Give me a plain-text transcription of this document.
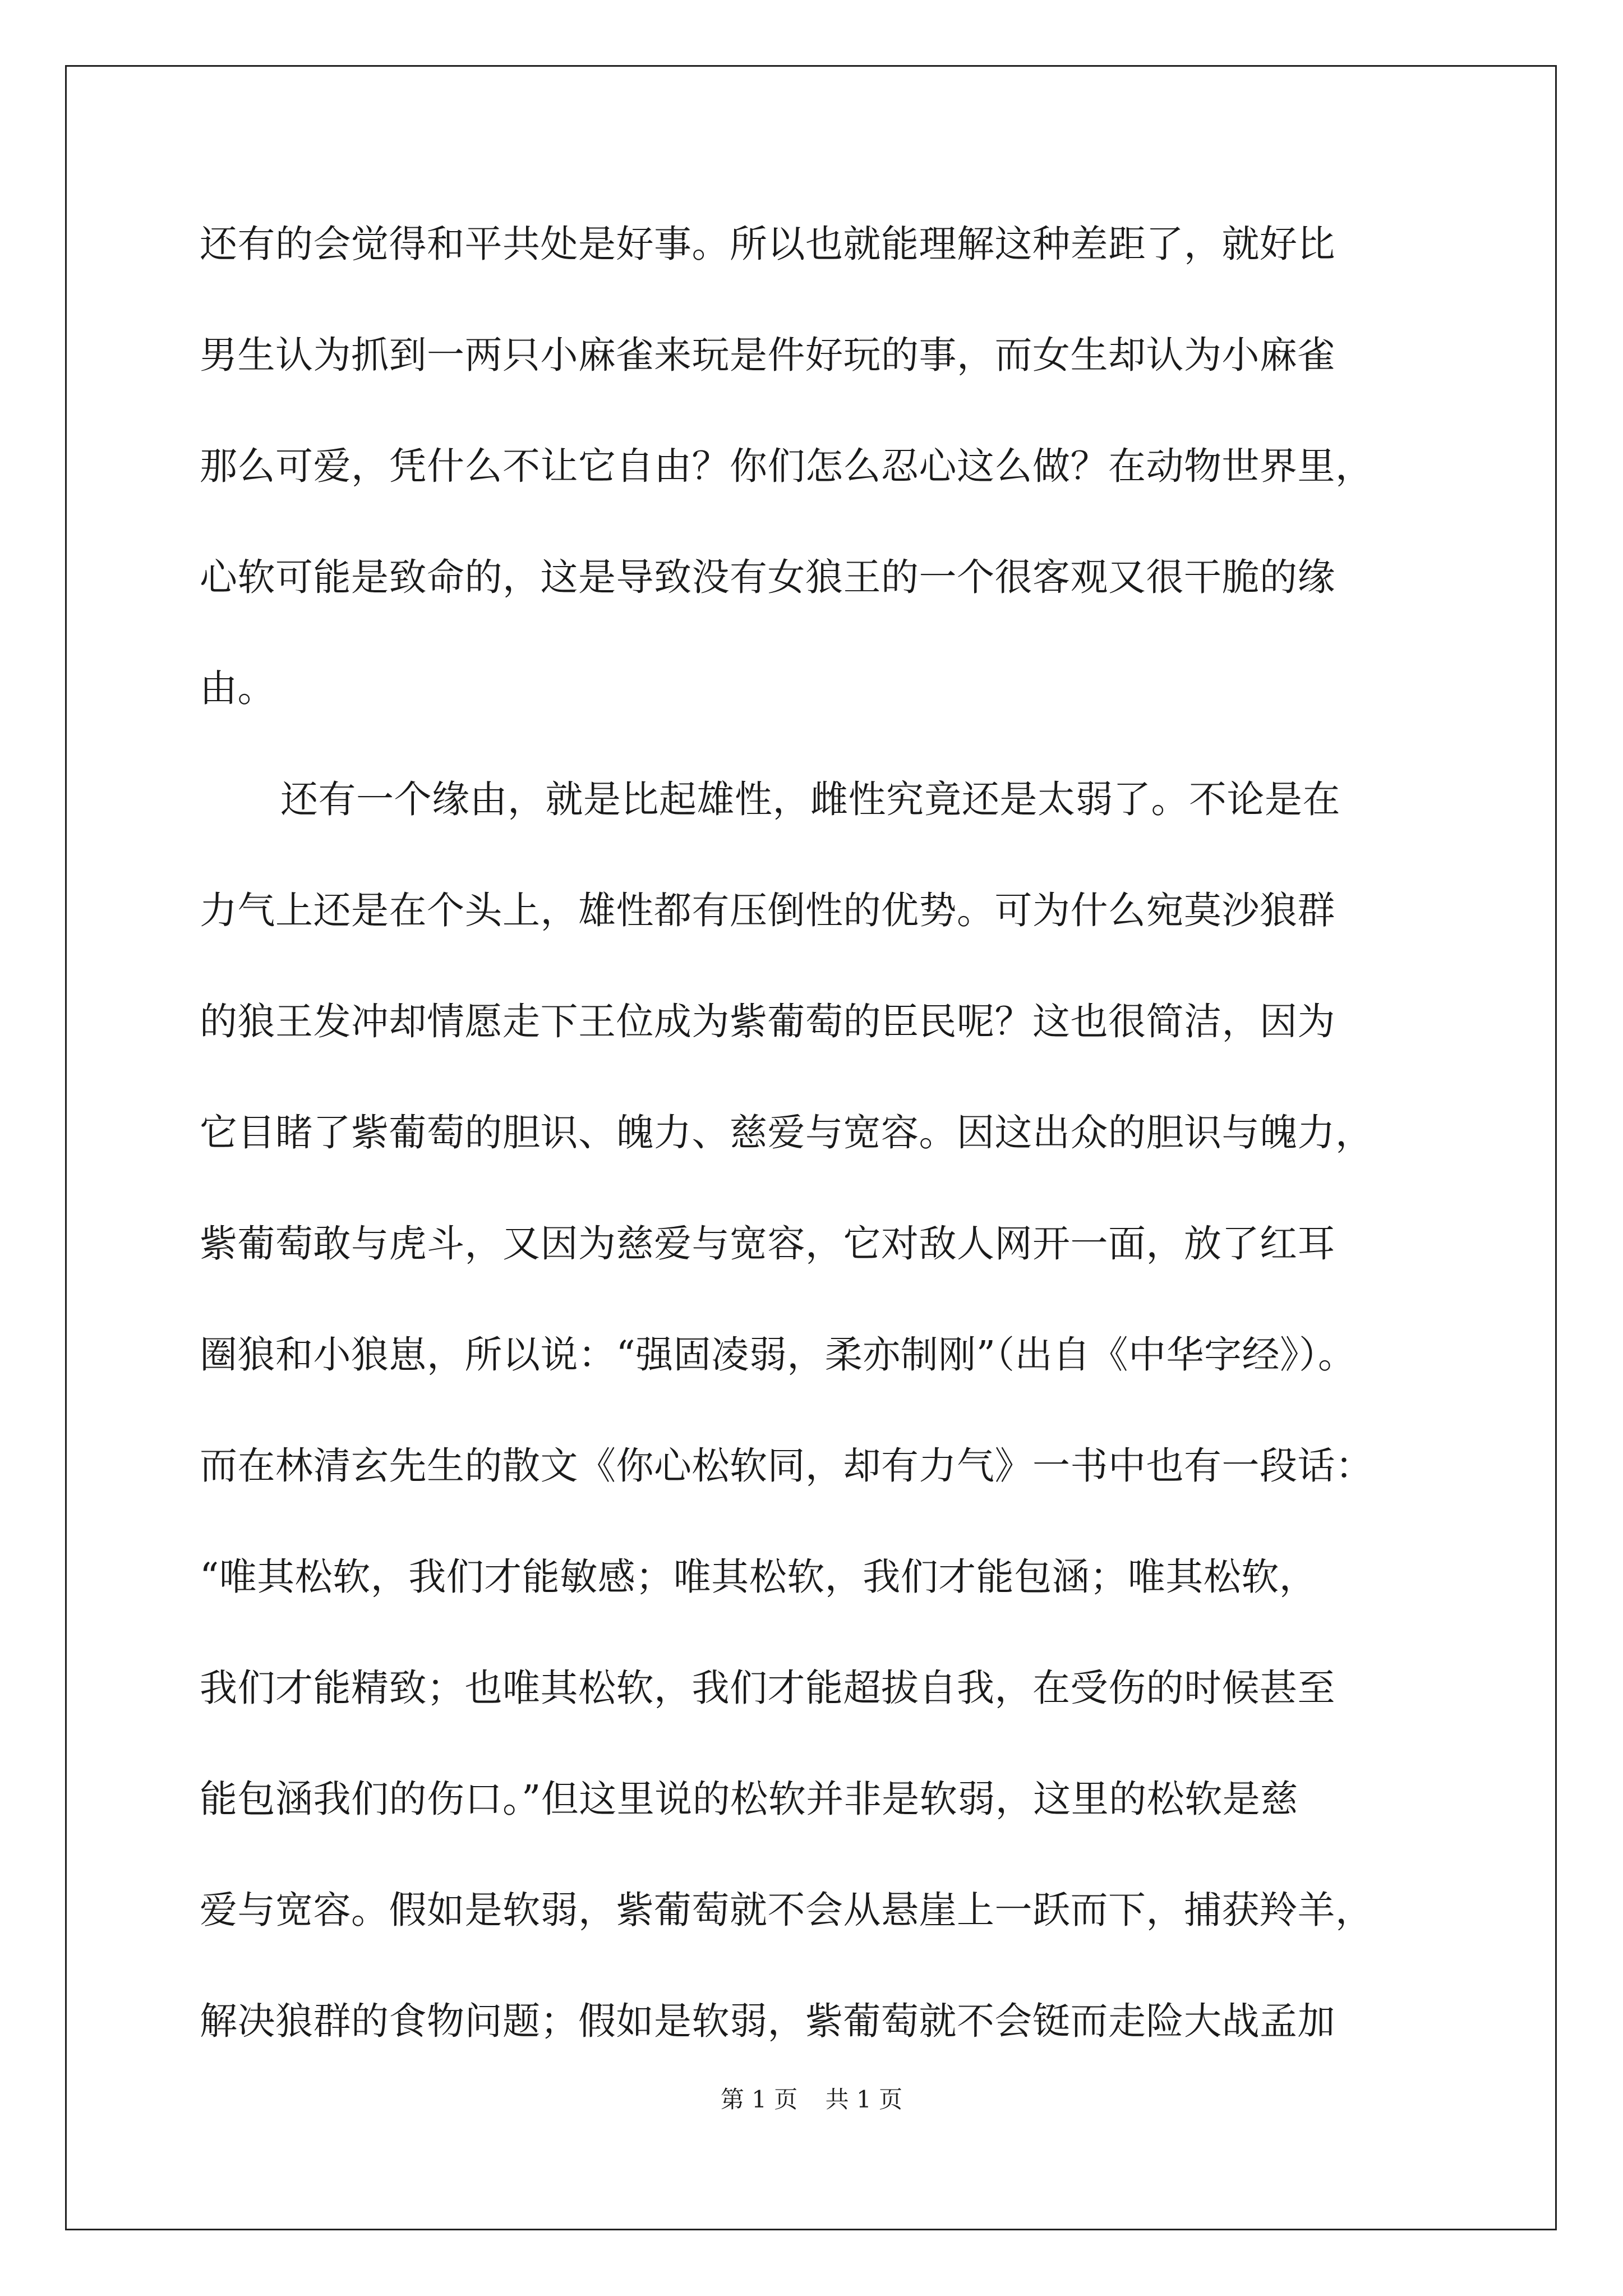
还有的会觉得和平共处是好事。所以也就能理解这种差距了，就好比
男生认为抓到一两只小麻雀来玩是件好玩的事，而女生却认为小麻雀
那么可爱，凭什么不让它自由？你们怎么忍心这么做？在动物世界里，
心软可能是致命的，这是导致没有女狼王的一个很客观又很干脆的缘
由。
还有一个缘由，就是比起雄性，雌性究竟还是太弱了。不论是在
力气上还是在个头上，雄性都有压倒性的优势。可为什么宛莫沙狼群
的狼王发冲却情愿走下王位成为紫葡萄的臣民呢？这也很简洁，因为
它目睹了紫葡萄的胆识、魄力、慈爱与宽容。因这出众的胆识与魄力，
紫葡萄敢与虎斗，又因为慈爱与宽容，它对敌人网开一面，放了红耳
圈狼和小狼崽，所以说：“强固凌弱，柔亦制刚”（出自《中华字经》）。
而在林清玄先生的散文《你心松软同，却有力气》一书中也有一段话：
“唯其松软，我们才能敏感；唯其松软，我们才能包涵；唯其松软，
我们才能精致；也唯其松软，我们才能超拔自我，在受伤的时候甚至
能包涵我们的伤口。”但这里说的松软并非是软弱，这里的松软是慈
爱与宽容。假如是软弱，紫葡萄就不会从悬崖上一跃而下，捕获羚羊，
解决狼群的食物问题；假如是软弱，紫葡萄就不会铤而走险大战孟加
第 1 页 共 1 页
